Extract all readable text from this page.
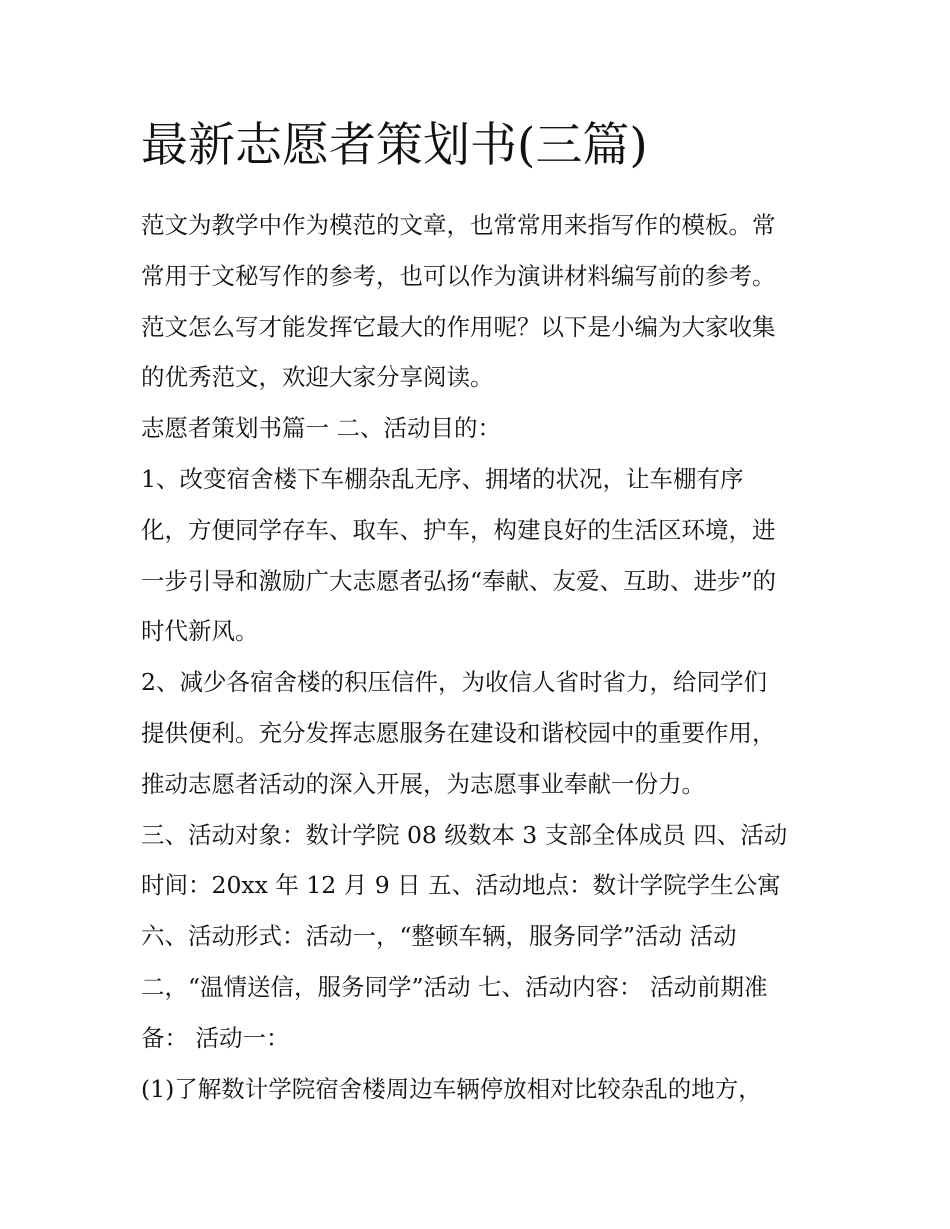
最新志愿者策划书(三篇)
范文为教学中作为模范的文章，也常常用来指写作的模板。常
常用于文秘写作的参考，也可以作为演讲材料编写前的参考。
范文怎么写才能发挥它最大的作用呢？以下是小编为大家收集
的优秀范文，欢迎大家分享阅读。
志愿者策划书篇一 二、活动目的：
1、改变宿舍楼下车棚杂乱无序、拥堵的状况，让车棚有序
化，方便同学存车、取车、护车，构建良好的生活区环境，进
一步引导和激励广大志愿者弘扬“奉献、友爱、互助、进步”的
时代新风。
2、减少各宿舍楼的积压信件，为收信人省时省力，给同学们
提供便利。充分发挥志愿服务在建设和谐校园中的重要作用，
推动志愿者活动的深入开展，为志愿事业奉献一份力。
三、活动对象：数计学院 08 级数本 3 支部全体成员 四、活动
时间：20xx 年 12 月 9 日 五、活动地点：数计学院学生公寓
六、活动形式：活动一，“整顿车辆，服务同学”活动 活动
二，“温情送信，服务同学”活动 七、活动内容： 活动前期准
备： 活动一：
(1)了解数计学院宿舍楼周边车辆停放相对比较杂乱的地方，
